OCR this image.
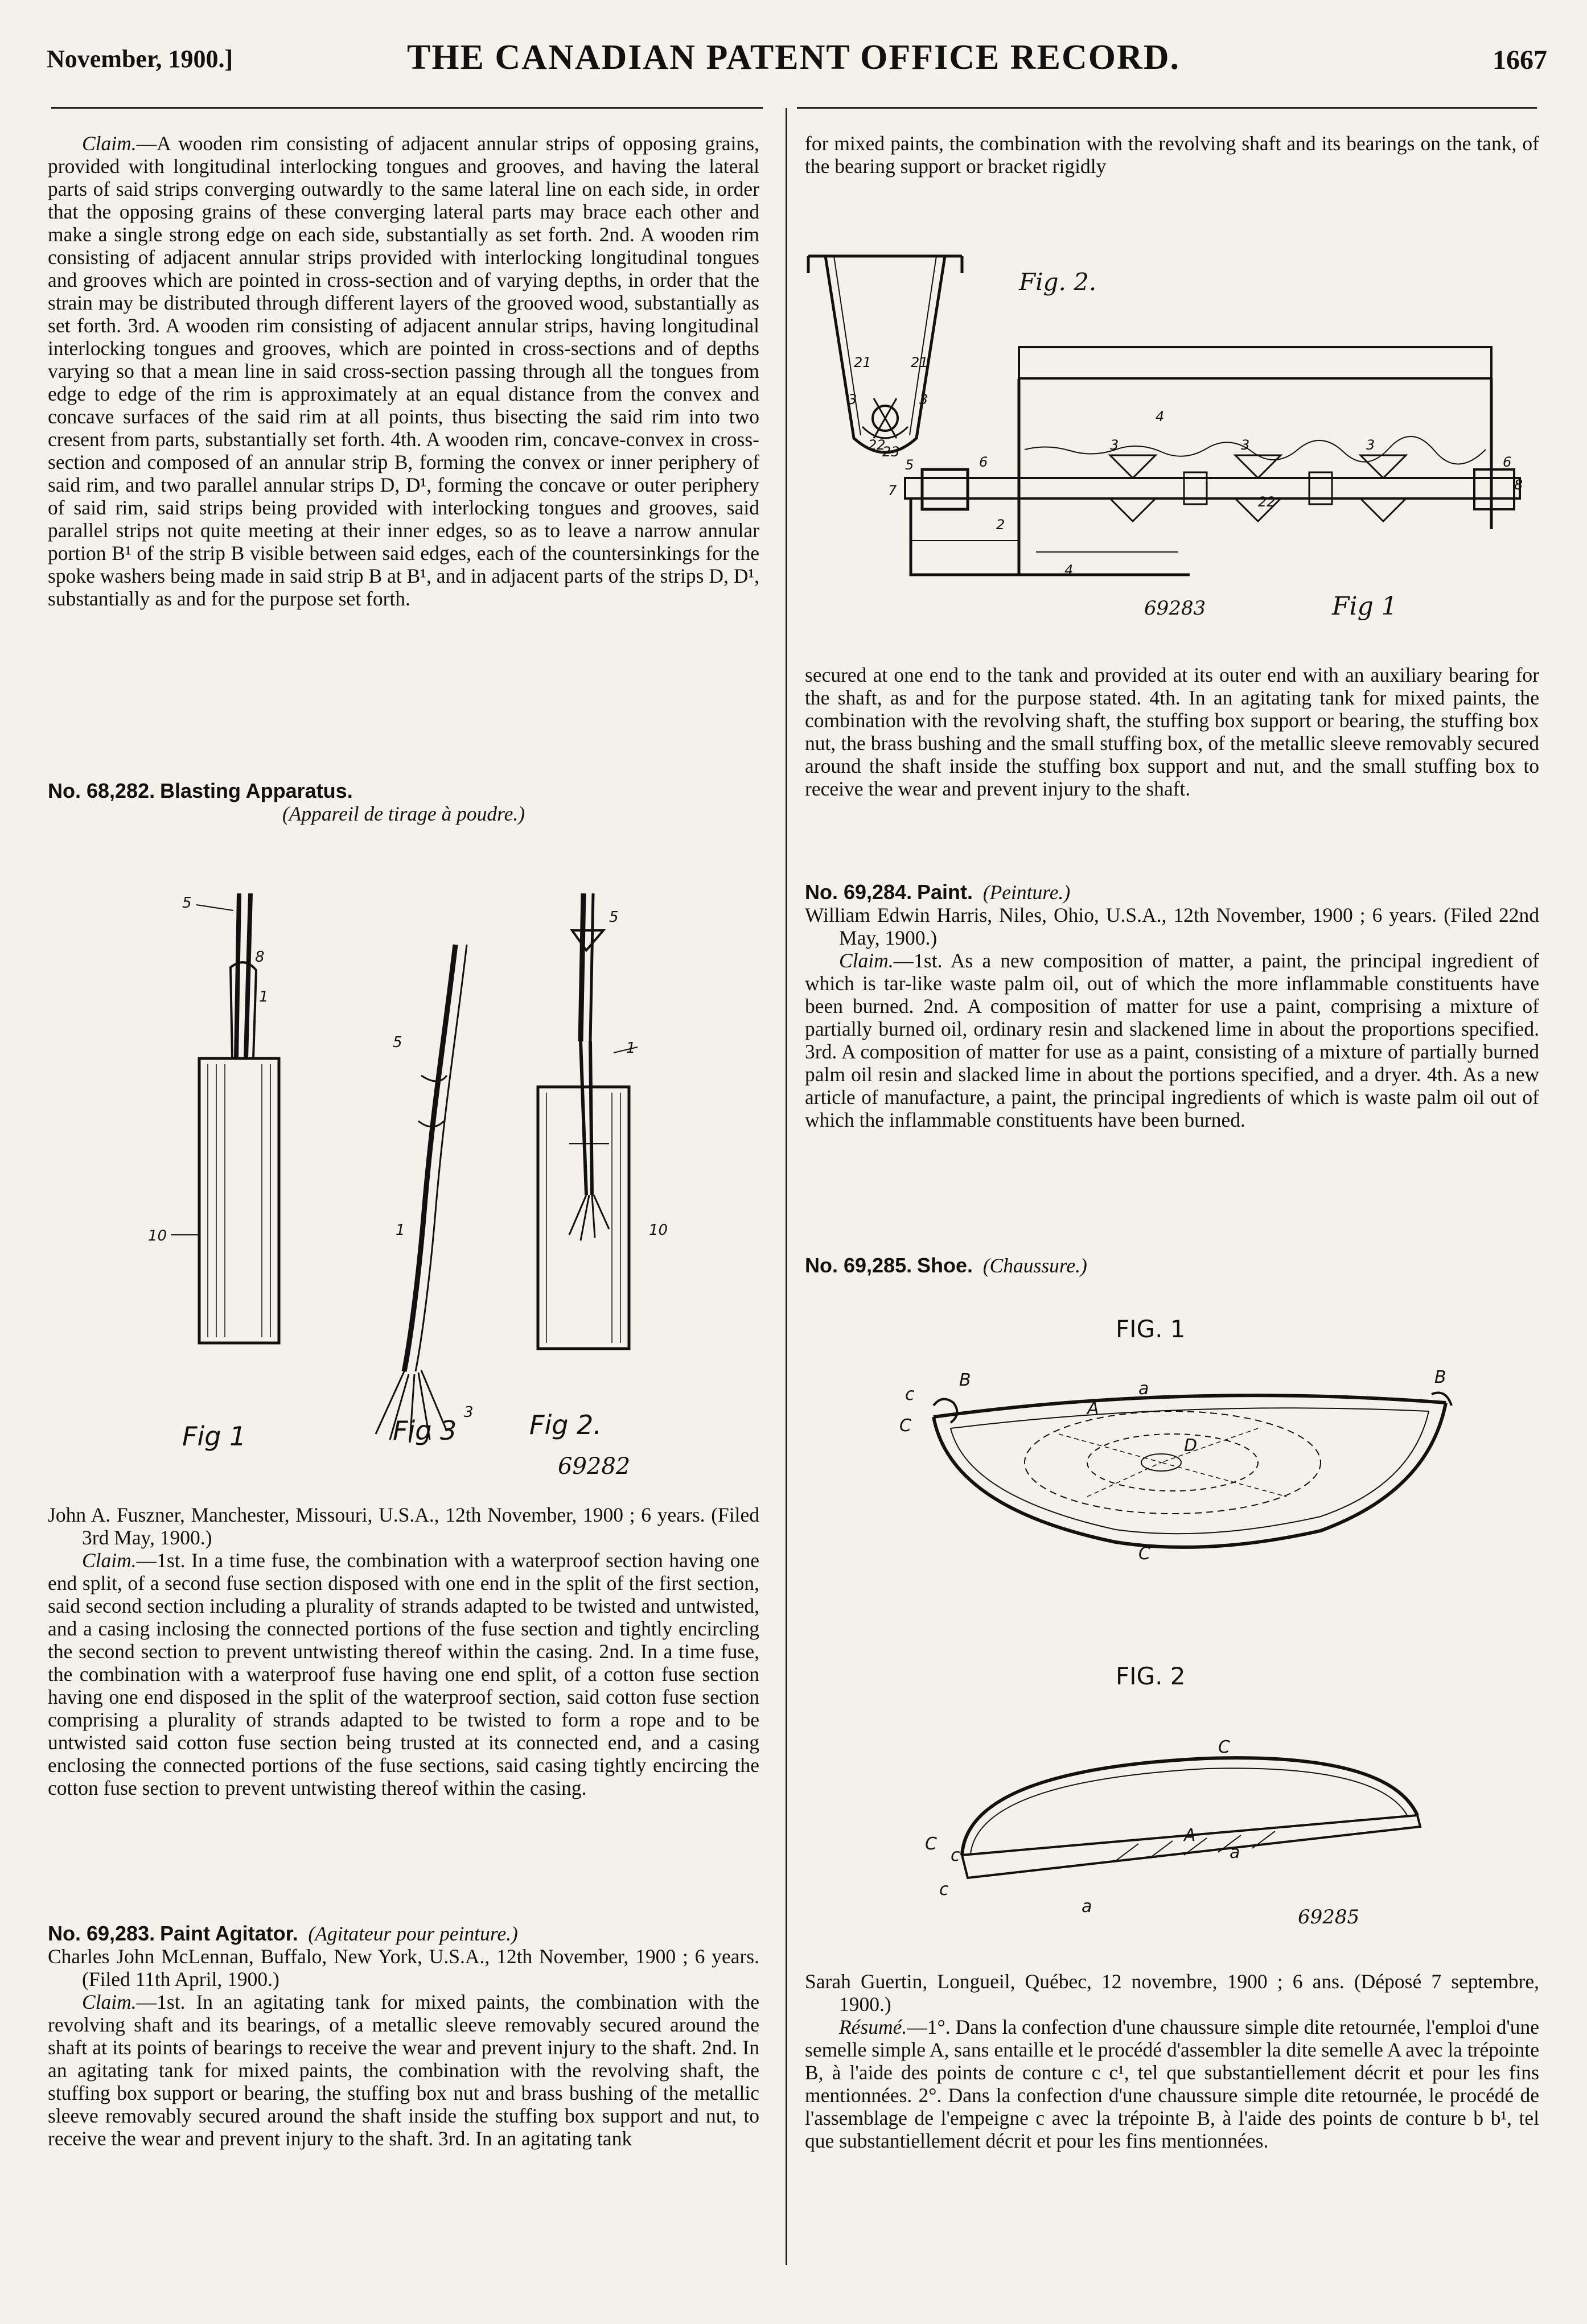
November, 1900.]	THE CANADIAN PATENT OFFICE RECORD.	1667

Claim.—A wooden rim consisting of adjacent annular strips of opposing grains, provided with longitudinal interlocking tongues and grooves, and having the lateral parts of said strips converging outwardly to the same lateral line on each side, in order that the opposing grains of these converging lateral parts may brace each other and make a single strong edge on each side, substantially as set forth. 2nd. A wooden rim consisting of adjacent annular strips provided with interlocking longitudinal tongues and grooves which are pointed in cross-section and of varying depths, in order that the strain may be distributed through different layers of the grooved wood, substantially as set forth. 3rd. A wooden rim consisting of adjacent annular strips, having longitudinal interlocking tongues and grooves, which are pointed in cross-sections and of depths varying so that a mean line in said cross-section passing through all the tongues from edge to edge of the rim is approximately at an equal distance from the convex and concave surfaces of the said rim at all points, thus bisecting the said rim into two cresent from parts, substantially set forth. 4th. A wooden rim, concave-convex in cross-section and composed of an annular strip B, forming the convex or inner periphery of said rim, and two parallel annular strips D, D¹, forming the concave or outer periphery of said rim, said strips being provided with interlocking tongues and grooves, said parallel strips not quite meeting at their inner edges, so as to leave a narrow annular portion B¹ of the strip B visible between said edges, each of the countersinkings for the spoke washers being made in said strip B at B¹, and in adjacent parts of the strips D, D¹, substantially as and for the purpose set forth.

No. 68,282. Blasting Apparatus.

(Appareil de tirage à poudre.)

5
8
1
10
5
1
3
5
1
10
Fig 1	Fig 3	Fig 2.
69282

John A. Fuszner, Manchester, Missouri, U.S.A., 12th November, 1900 ; 6 years. (Filed 3rd May, 1900.)

Claim.—1st. In a time fuse, the combination with a waterproof section having one end split, of a second fuse section disposed with one end in the split of the first section, said second section including a plurality of strands adapted to be twisted and untwisted, and a casing inclosing the connected portions of the fuse section and tightly encircling the second section to prevent untwisting thereof within the casing. 2nd. In a time fuse, the combination with a waterproof fuse having one end split, of a cotton fuse section having one end disposed in the split of the waterproof section, said cotton fuse section comprising a plurality of strands adapted to be twisted to form a rope and to be untwisted said cotton fuse section being trusted at its connected end, and a casing enclosing the connected portions of the fuse sections, said casing tightly encircing the cotton fuse section to prevent untwisting thereof within the casing.

No. 69,283. Paint Agitator. (Agitateur pour peinture.)

Charles John McLennan, Buffalo, New York, U.S.A., 12th November, 1900 ; 6 years. (Filed 11th April, 1900.)

Claim.—1st. In an agitating tank for mixed paints, the combination with the revolving shaft and its bearings, of a metallic sleeve removably secured around the shaft at its points of bearings to receive the wear and prevent injury to the shaft. 2nd. In an agitating tank for mixed paints, the combination with the revolving shaft, the stuffing box support or bearing, the stuffing box nut and brass bushing of the metallic sleeve removably secured around the shaft inside the stuffing box support and nut, to receive the wear and prevent injury to the shaft. 3rd. In an agitating tank

for mixed paints, the combination with the revolving shaft and its bearings on the tank, of the bearing support or bracket rigidly

21	21
3	3
22
23
4
5
7
6
3	3	3
6
8
2
22
4
Fig. 2.
Fig 1
69283

secured at one end to the tank and provided at its outer end with an auxiliary bearing for the shaft, as and for the purpose stated. 4th. In an agitating tank for mixed paints, the combination with the revolving shaft, the stuffing box support or bearing, the stuffing box nut, the brass bushing and the small stuffing box, of the metallic sleeve removably secured around the shaft inside the stuffing box support and nut, and the small stuffing box to receive the wear and prevent injury to the shaft.

No. 69,284. Paint. (Peinture.)

William Edwin Harris, Niles, Ohio, U.S.A., 12th November, 1900 ; 6 years. (Filed 22nd May, 1900.)

Claim.—1st. As a new composition of matter, a paint, the principal ingredient of which is tar-like waste palm oil, out of which the more inflammable constituents have been burned. 2nd. A composition of matter for use a paint, comprising a mixture of partially burned oil, ordinary resin and slackened lime in about the proportions specified. 3rd. A composition of matter for use as a paint, consisting of a mixture of partially burned palm oil resin and slacked lime in about the portions specified, and a dryer. 4th. As a new article of manufacture, a paint, the principal ingredients of which is waste palm oil out of which the inflammable constituents have been burned.

No. 69,285. Shoe. (Chaussure.)

FIG. 1
c
B
C
B
A
a
D
C
C
C
c
c
A
a
a
FIG. 2
69285

Sarah Guertin, Longueil, Québec, 12 novembre, 1900 ; 6 ans. (Déposé 7 septembre, 1900.)

Résumé.—1°. Dans la confection d'une chaussure simple dite retournée, l'emploi d'une semelle simple A, sans entaille et le procédé d'assembler la dite semelle A avec la trépointe B, à l'aide des points de conture c c¹, tel que substantiellement décrit et pour les fins mentionnées. 2°. Dans la confection d'une chaussure simple dite retournée, le procédé de l'assemblage de l'empeigne c avec la trépointe B, à l'aide des points de conture b b¹, tel que substantiellement décrit et pour les fins mentionnées.
